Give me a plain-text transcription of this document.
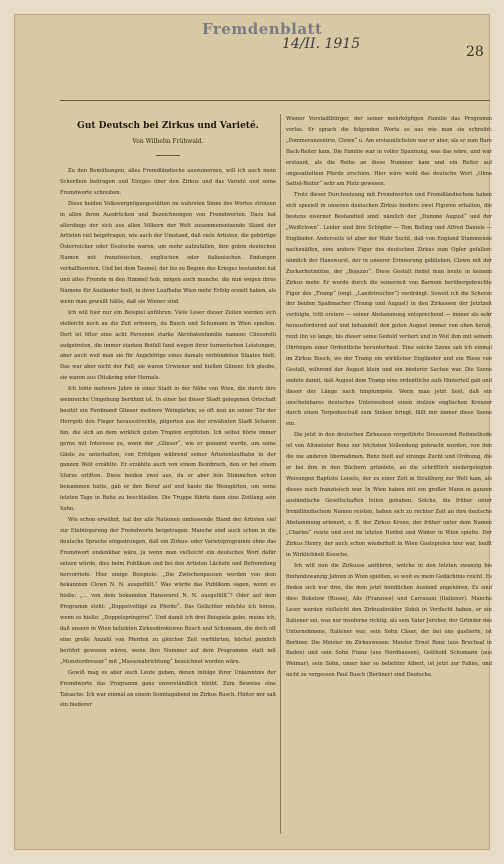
Fremdenblatt
14/II. 1915	28
Gut Deutsch bei Zirkus und Varieté.
Von Wilhelm Frühwald.

Zu den Bemühungen, alles Fremdländische auszumerzen, will ich auch mein Scherflein beitragen und Einiges über den Zirkus und das Varieté und seine Fremdworte schreiben.

Diese beiden Volksvergnügungsstätten im wahrsten Sinne des Wortes strotzen in allen ihren Ausdrücken und Bezeichnungen von Fremdworten. Dazu hat allerdings der sich aus allen Völkern der Welt zusammensetzende Stand der Artisten viel beigetragen, wie auch der Umstand, daß viele Artisten, die gebürtige Österreicher oder Deutsche waren, um mehr aufzufallen, ihre guten deutschen Namen mit französischen, englischen oder italienischen Endungen verballhornten. Und bei dem Taumel, der bis zu Beginn des Krieges bestanden hat und alles Fremde in den Himmel hob, mögen auch manche, die nun wegen ihres Namens für Ausländer hielt, in ihrer Laufbahn Wien mehr Erfolg erzielt haben, als wenn man gewußt hätte, daß sie Wiener sind.

Ich will hier nur ein Beispiel anführen. Viele Leser dieser Zeilen werden sich vielleicht noch an die Zeit erinnern, da Busch und Schumann in Wien spielten. Dort ist öfter eine acht Personen starke Akrobatenfamilie namens Clinsorelli aufgetreten, die immer starken Beifall fand wegen ihrer turnerischen Leistungen, aber auch weil man sie für Angehörige eines damals verbündeten Staates hielt. Das war aber nicht der Fall, sie waren Urwiener und hießen Glinser. Ich glaube, sie waren aus Ottakring oder Hernals.

Ich lebte mehrere Jahre in einer Stadt in der Nähe von Wien, die durch ihre weinreiche Umgebung berühmt ist. In einer bei dieser Stadt gelegenen Ortschaft besitzt ein Ferdinand Glinser mehrere Weingärten; so oft nun an seiner Tür der Herrgott den Finger herausstreckte, pilgerten aus der erwähnten Stadt Scharen hin, die sich an dem wirklich guten Tropfen ergötzten. Ich selbst hörte immer gerne mit Interesse zu, wenn der „Glinser“, wie er genannt wurde, um seine Gäste zu unterhalten, von Erfolgen während seiner Artistenlaufbahn in der ganzen Welt erzählte. Er erzählte auch von einem Beinbruch, den er bei einem Sturze erlitten. Diese beiden zwei aus, da er aber fein Stimmchen schon beisammen hatte, gab er den Beruf auf und baute die Weingärten, um seine letzten Tage in Ruhe zu beschließen. Die Truppe führte dann eine Zeitlang sein Sohn.

Wie schon erwähnt, hat der alle Nationen umfassende Stand der Artisten viel zur Einbürgerung der Fremdworte beigetragen. Manche sind auch schon in die deutsche Sprache eingedrungen, daß ein Zirkus- oder Varietéprogramm ohne das Fremdwort undenkbar wäre, ja wenn man vielleicht ein deutsches Wort dafür setzen würde, dies beim Publikum und bei den Artisten Lächeln und Befremdung hervorriefe. Hier einige Beispiele: „Die Zwischenpausen werden von dem bekannten Clown N. N. ausgefüllt.“ Was würde das Publikum sagen, wenn es hieße: „... von dem bekannten Hanswurst N. N. ausgefüllt“? Oder auf dem Programm steht: „Doppelvoltige zu Pferde“. Das Gelächter möchte ich hören, wenn es hieße: „Doppelspringerei“. Und damit ich drei Beispiele gebe, meine ich, daß unsere in Wien beliebten Zirkusdirektoren Busch und Schumann, die doch oft eine große Anzahl von Pferden zu gleicher Zeit vorführten, höchst peinlich berührt gewesen wären, wenn ihre Nummer auf dem Programme statt mit „Monsterdressur“ mit „Massenabrichtung“ bezeichnet worden wäre.

Gewiß mag es aber auch Leute geben, denen infolge ihrer Unkenntnis der Fremdworte das Programm ganz unverständlich bleibt. Zum Beweise eine Tatsache. Ich war einmal an einem Sonntagabend im Zirkus Busch. Hinter mir saß ein biederer

Wiener Vorstadtbürger, der seiner mehrköpfigen Familie das Programm vorlas. Er sprach die folgenden Worte so aus wie man sie schreibt: „Pommeranzentrio, Clown“ u. Am erstaunlichsten war er aber, als er zum Bare Back-Reiter kam. Die Familie war in voller Spannung, was das wäre, und war erstaunt, als die Reihe an diese Nummer kam und ein Reiter auf ungesatteltem Pferde erschien. Hier wäre wohl das deutsche Wort „Ohne Sattel-Reiter“ sehr am Platz gewesen.

Trotz dieser Durchsetzung mit Fremdworten und Fremdländischem haben sich speziell in unseren deutschen Zirkus biedere zwei Figuren erhalten, die bestens eiserner Bestandteil sind: nämlich der „Dumme August“ und der „Weißclown“. Leider sind ihre Schöpfer — Tom Belling und Alfred Daniels — Engländer. Anderseits ist aber der Wahr Sucht, daß von England Stammende nachzuäffen, eine andere Figur des deutschen Zirkus zum Opfer gefallen: nämlich der Hanswurst, der in unserer Erinnerung geblieben, Clown mit der Zuckerhutmütze, der „Bojazzo“. Diese Gestalt findet man heute in keinem Zirkus mehr. Er wurde durch die seinerzeit von Barnum herübergebrachte Figur des „Tramp“ (engl. „Landstreicher“) verdrängt. Soweit ich die Scherze der beiden Spaßmacher (Tramp und August) in den Zirkussen der Jetztzeit verfolgte, tritt erstere — seiner Abstammung entsprechend — immer als sehr herausfordernd auf und behandelt den guten August immer von oben herab, reizt ihn so lange, bis dieser seine Geduld verliert und in Wut ihm mit seinem Ohrfeigen einer Ordentliche herunterhaut. Eine solche Szene sah ich einmal im Zirkus Busch, wo der Tramp ein wirklicher Engländer und ein Riese von Gestalt, während der August klein und ein biederer Sachse war. Die Szene endete damit, daß August dem Tramp eine ordentliche aufs Hinterteil gab und dieser der Länge nach hinplumpste. Wenn man jetzt liest, daß ein unscheinbares deutsches Unterseeboot einen stolzen englischen Kreuzer durch einen Torpedoschuß zum Sinken bringt, fällt mir immer diese Szene ein.

Die jetzt in den deutschen Zirkussen vorgeführte Dressurund Reitmethode ist von Altmeister Renz zur höchsten Vollendung gebracht worden, von ihm die nie anderen übernahmen. Renz hielt auf strenge Zucht und Ordnung, die er bei ihm in den Büchern gründete, an die schriftlich niedergelegten Weisungen Baptiste Loisets, der zu einer Zeit in Straßburg zur Welt kam, als dieses noch französisch war. In Wien haben mit ein großer Mann in ganzen ausländische Gesellschaften feilen gehaben. Solche, die früher unter fremdländischem Namen reisten, haben sich zu rechter Zeit an ihre deutsche Abstammung erinnert, z. B. der Zirkus Krone, der früher unter dem Namen „Charles“ reiste und erst im letzten Herbst und Winter in Wien spielte. Der Zirkus Henry, der auch schon wiederholt in Wien Gastspielen hier war, heißt in Wirklichkeit Kossche.

Ich will nun die Zirkusse anführen, welche in den letzten zwanzig bis fünfundzwanzig Jahren in Wien spielten, so weit es mein Gedächtnis reicht. Es finden sich nur drei, die dem jetzt feindlichen Ausland angehören. Es sind dies: Beketow (Russe), Alis (Franzose) und Carrasani (Italiener). Manche Leser werden vielleicht den Zirkusdirektor Sidoli in Verdacht haben, er ein Italiener sei, was nur insoferne richtig, als sein Vater Jerobor, der Gründer des Unternehmens, Italiener war, sein Sohn Cäsar, der bei uns gastierte, ist Berliner. Die Meister im Zirkuswesen: Meister Ernst Renz (aus Bruchsal in Baden) und sein Sohn Franz (aus Nordhausen), Gotthold Schumann (aus Weimar), sein Sohn, unser hier so beliebter Albert, ist jetzt zur Fahne, und nicht zu vergessen Paul Busch (Berliner) sind Deutsche.
